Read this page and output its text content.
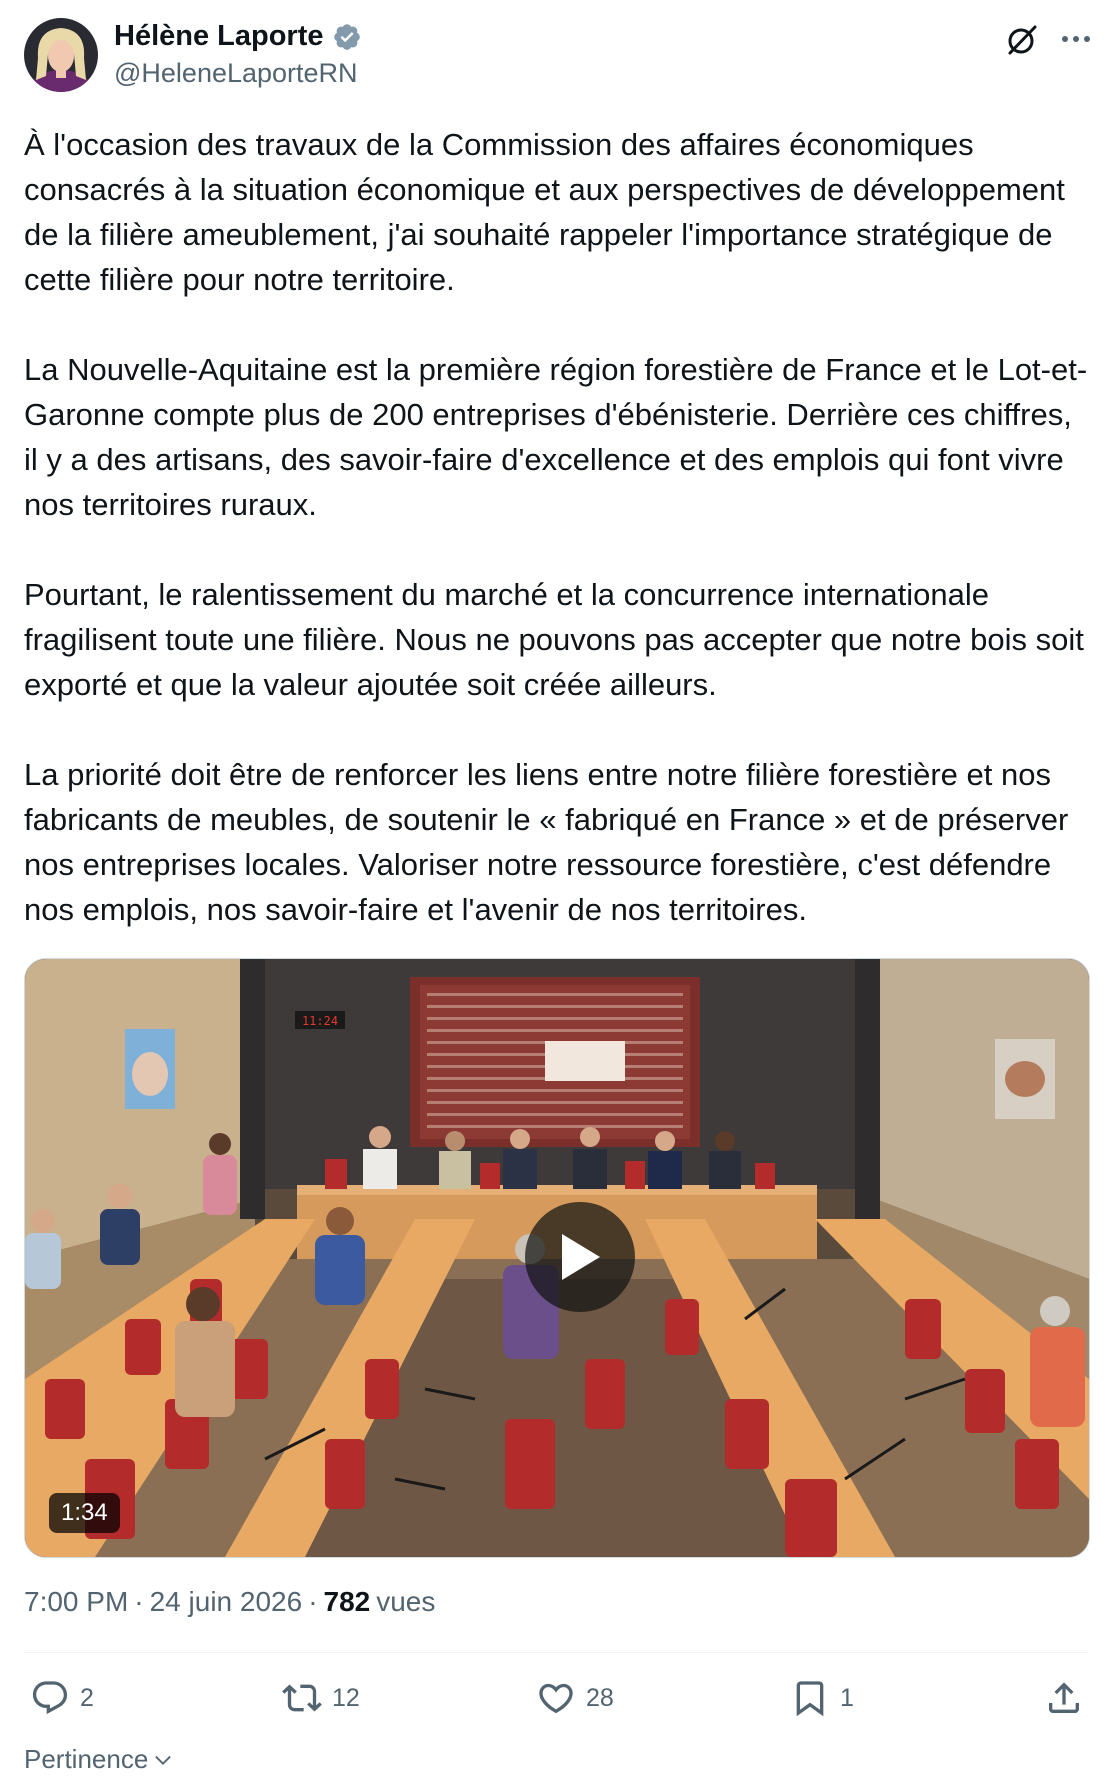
Hélène Laporte
@HeleneLaporteRN

À l'occasion des travaux de la Commission des affaires économiques consacrés à la situation économique et aux perspectives de développement de la filière ameublement, j'ai souhaité rappeler l'importance stratégique de cette filière pour notre territoire.

La Nouvelle-Aquitaine est la première région forestière de France et le Lot-et-Garonne compte plus de 200 entreprises d'ébénisterie. Derrière ces chiffres, il y a des artisans, des savoir-faire d'excellence et des emplois qui font vivre nos territoires ruraux.

Pourtant, le ralentissement du marché et la concurrence internationale fragilisent toute une filière. Nous ne pouvons pas accepter que notre bois soit exporté et que la valeur ajoutée soit créée ailleurs.

La priorité doit être de renforcer les liens entre notre filière forestière et nos fabricants de meubles, de soutenir le « fabriqué en France » et de préserver nos entreprises locales. Valoriser notre ressource forestière, c'est défendre nos emplois, nos savoir-faire et l'avenir de nos territoires.

11:24
1:34
7:00 PM · 24 juin 2026 · 782 vues
2	12	28	1
Pertinence
